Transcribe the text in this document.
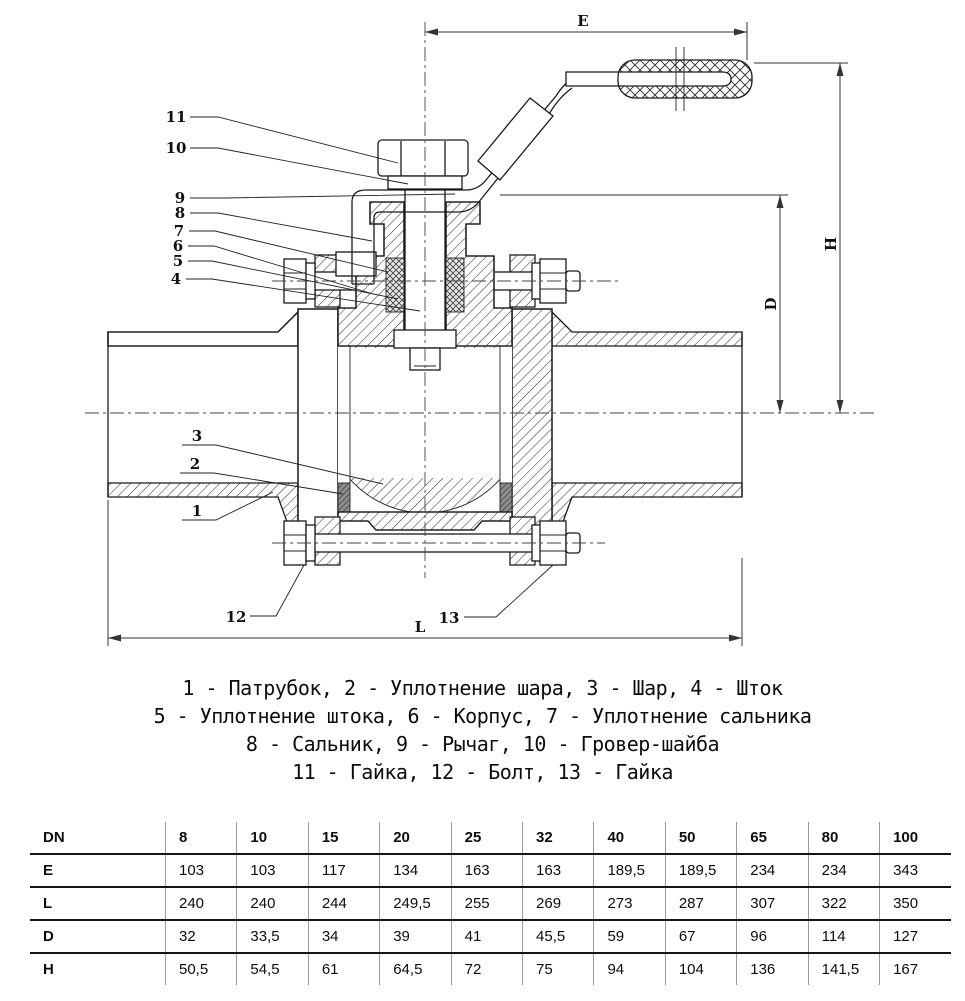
E
H
D
L
11
10
9
8
7
6
5
4
3
2
1
12	13
1 - Патрубок, 2 - Уплотнение шара, 3 - Шар, 4 - Шток
5 - Уплотнение штока, 6 - Корпус, 7 - Уплотнение сальника
8 - Сальник, 9 - Рычаг, 10 - Гровер-шайба
11 - Гайка, 12 - Болт, 13 - Гайка
DN	8	10	15	20	25	32	40	50	65	80	100
E	103	103	117	134	163	163	189,5	189,5	234	234	343
L	240	240	244	249,5	255	269	273	287	307	322	350
D	32	33,5	34	39	41	45,5	59	67	96	114	127
H	50,5	54,5	61	64,5	72	75	94	104	136	141,5	167
